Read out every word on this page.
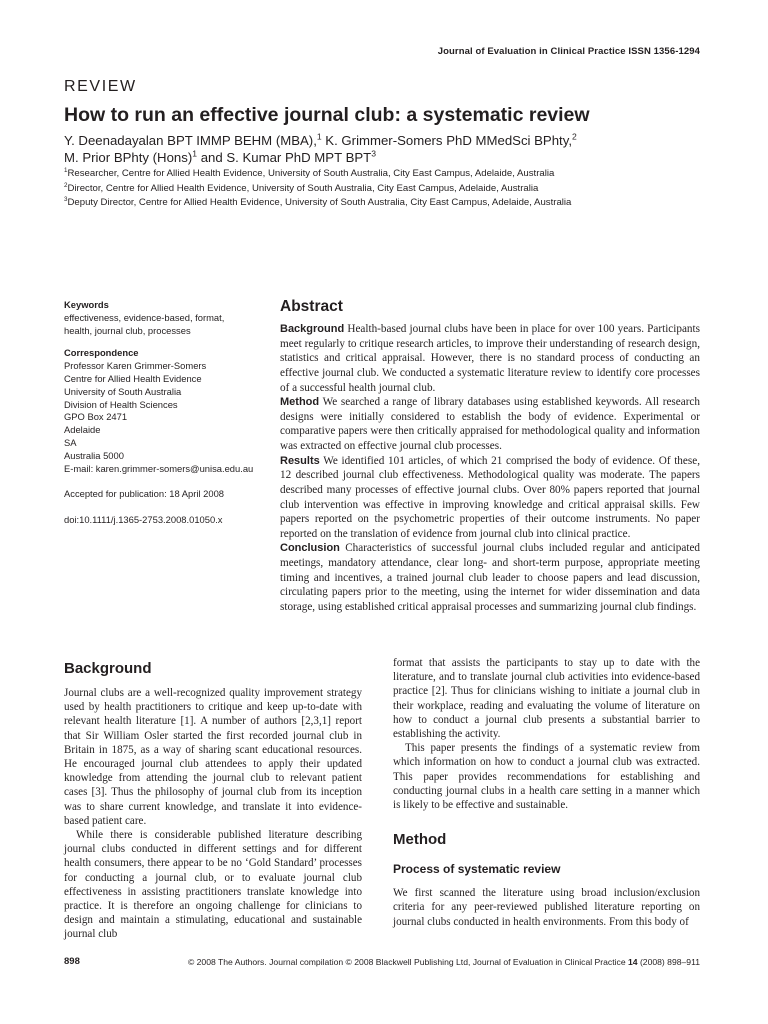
Journal of Evaluation in Clinical Practice ISSN 1356-1294
REVIEW
How to run an effective journal club: a systematic review
Y. Deenadayalan BPT IMMP BEHM (MBA),$^1$ K. Grimmer-Somers PhD MMedSci BPhty,$^2$
M. Prior BPhty (Hons)$^1$ and S. Kumar PhD MPT BPT$^3$
$^1$Researcher, Centre for Allied Health Evidence, University of South Australia, City East Campus, Adelaide, Australia
$^2$Director, Centre for Allied Health Evidence, University of South Australia, City East Campus, Adelaide, Australia
$^3$Deputy Director, Centre for Allied Health Evidence, University of South Australia, City East Campus, Adelaide, Australia
Keywords
effectiveness, evidence-based, format,
health, journal club, processes
Correspondence
Professor Karen Grimmer-Somers
Centre for Allied Health Evidence
University of South Australia
Division of Health Sciences
GPO Box 2471
Adelaide
SA
Australia 5000
E-mail: karen.grimmer-somers@unisa.edu.au
Accepted for publication: 18 April 2008
doi:10.1111/j.1365-2753.2008.01050.x
Abstract
Background Health-based journal clubs have been in place for over 100 years. Participants meet regularly to critique research articles, to improve their understanding of research design, statistics and critical appraisal. However, there is no standard process of conducting an effective journal club. We conducted a systematic literature review to identify core processes of a successful health journal club.
Method We searched a range of library databases using established keywords. All research designs were initially considered to establish the body of evidence. Experimental or comparative papers were then critically appraised for methodological quality and information was extracted on effective journal club processes.
Results We identified 101 articles, of which 21 comprised the body of evidence. Of these, 12 described journal club effectiveness. Methodological quality was moderate. The papers described many processes of effective journal clubs. Over 80% papers reported that journal club intervention was effective in improving knowledge and critical appraisal skills. Few papers reported on the psychometric properties of their outcome instruments. No paper reported on the translation of evidence from journal club into clinical practice.
Conclusion Characteristics of successful journal clubs included regular and anticipated meetings, mandatory attendance, clear long- and short-term purpose, appropriate meeting timing and incentives, a trained journal club leader to choose papers and lead discussion, circulating papers prior to the meeting, using the internet for wider dissemination and data storage, using established critical appraisal processes and summarizing journal club findings.
Background

Journal clubs are a well-recognized quality improvement strategy used by health practitioners to critique and keep up-to-date with relevant health literature [1]. A number of authors [2,3,1] report that Sir William Osler started the first recorded journal club in Britain in 1875, as a way of sharing scant educational resources. He encouraged journal club attendees to apply their updated knowledge from attending the journal club to relevant patient cases [3]. Thus the philosophy of journal club from its inception was to share current knowledge, and translate it into evidence-based patient care.

While there is considerable published literature describing journal clubs conducted in different settings and for different health consumers, there appear to be no ‘Gold Standard’ processes for conducting a journal club, or to evaluate journal club effectiveness in assisting practitioners translate knowledge into practice. It is therefore an ongoing challenge for clinicians to design and maintain a stimulating, educational and sustainable journal club

format that assists the participants to stay up to date with the literature, and to translate journal club activities into evidence-based practice [2]. Thus for clinicians wishing to initiate a journal club in their workplace, reading and evaluating the volume of literature on how to conduct a journal club presents a substantial barrier to establishing the activity.

This paper presents the findings of a systematic review from which information on how to conduct a journal club was extracted. This paper provides recommendations for establishing and conducting journal clubs in a health care setting in a manner which is likely to be effective and sustainable.

Method
Process of systematic review

We first scanned the literature using broad inclusion/exclusion criteria for any peer-reviewed published literature reporting on journal clubs conducted in health environments. From this body of

898	© 2008 The Authors. Journal compilation © 2008 Blackwell Publishing Ltd, Journal of Evaluation in Clinical Practice 14 (2008) 898–911
